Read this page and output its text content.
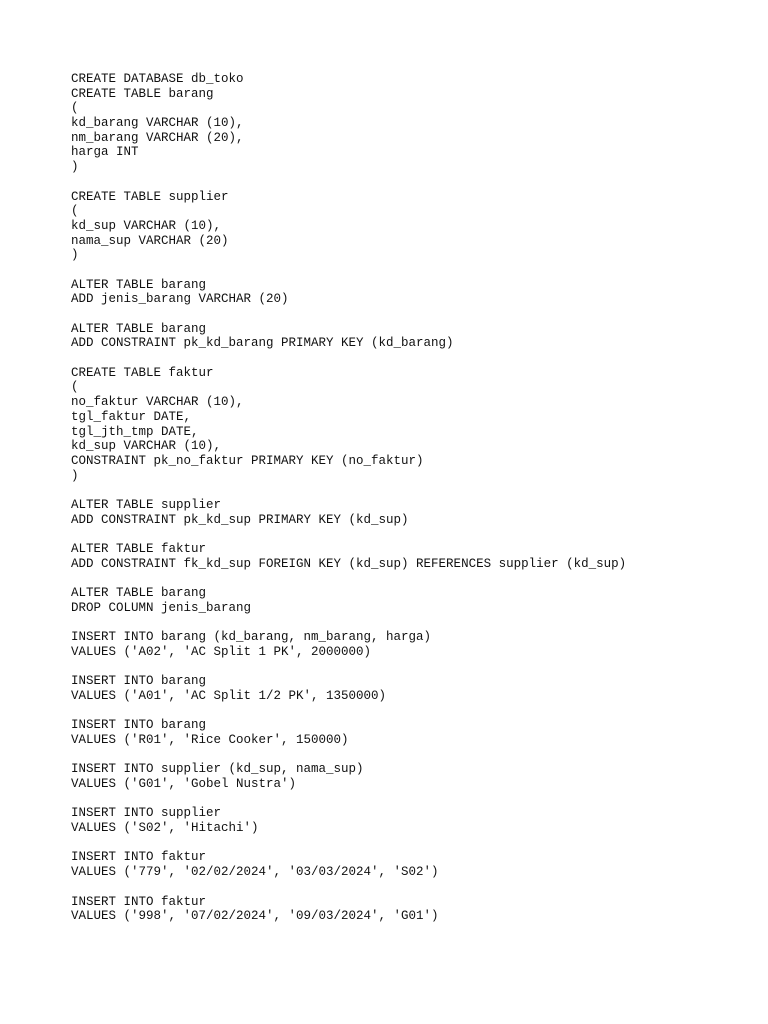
CREATE DATABASE db_toko
CREATE TABLE barang
(
kd_barang VARCHAR (10),
nm_barang VARCHAR (20),
harga INT
)
CREATE TABLE supplier
(
kd_sup VARCHAR (10),
nama_sup VARCHAR (20)
)
ALTER TABLE barang
ADD jenis_barang VARCHAR (20)
ALTER TABLE barang
ADD CONSTRAINT pk_kd_barang PRIMARY KEY (kd_barang)
CREATE TABLE faktur
(
no_faktur VARCHAR (10),
tgl_faktur DATE,
tgl_jth_tmp DATE,
kd_sup VARCHAR (10),
CONSTRAINT pk_no_faktur PRIMARY KEY (no_faktur)
)
ALTER TABLE supplier
ADD CONSTRAINT pk_kd_sup PRIMARY KEY (kd_sup)
ALTER TABLE faktur
ADD CONSTRAINT fk_kd_sup FOREIGN KEY (kd_sup) REFERENCES supplier (kd_sup)
ALTER TABLE barang
DROP COLUMN jenis_barang
INSERT INTO barang (kd_barang, nm_barang, harga)
VALUES ('A02', 'AC Split 1 PK', 2000000)
INSERT INTO barang
VALUES ('A01', 'AC Split 1/2 PK', 1350000)
INSERT INTO barang
VALUES ('R01', 'Rice Cooker', 150000)
INSERT INTO supplier (kd_sup, nama_sup)
VALUES ('G01', 'Gobel Nustra')
INSERT INTO supplier
VALUES ('S02', 'Hitachi')
INSERT INTO faktur
VALUES ('779', '02/02/2024', '03/03/2024', 'S02')
INSERT INTO faktur
VALUES ('998', '07/02/2024', '09/03/2024', 'G01')
